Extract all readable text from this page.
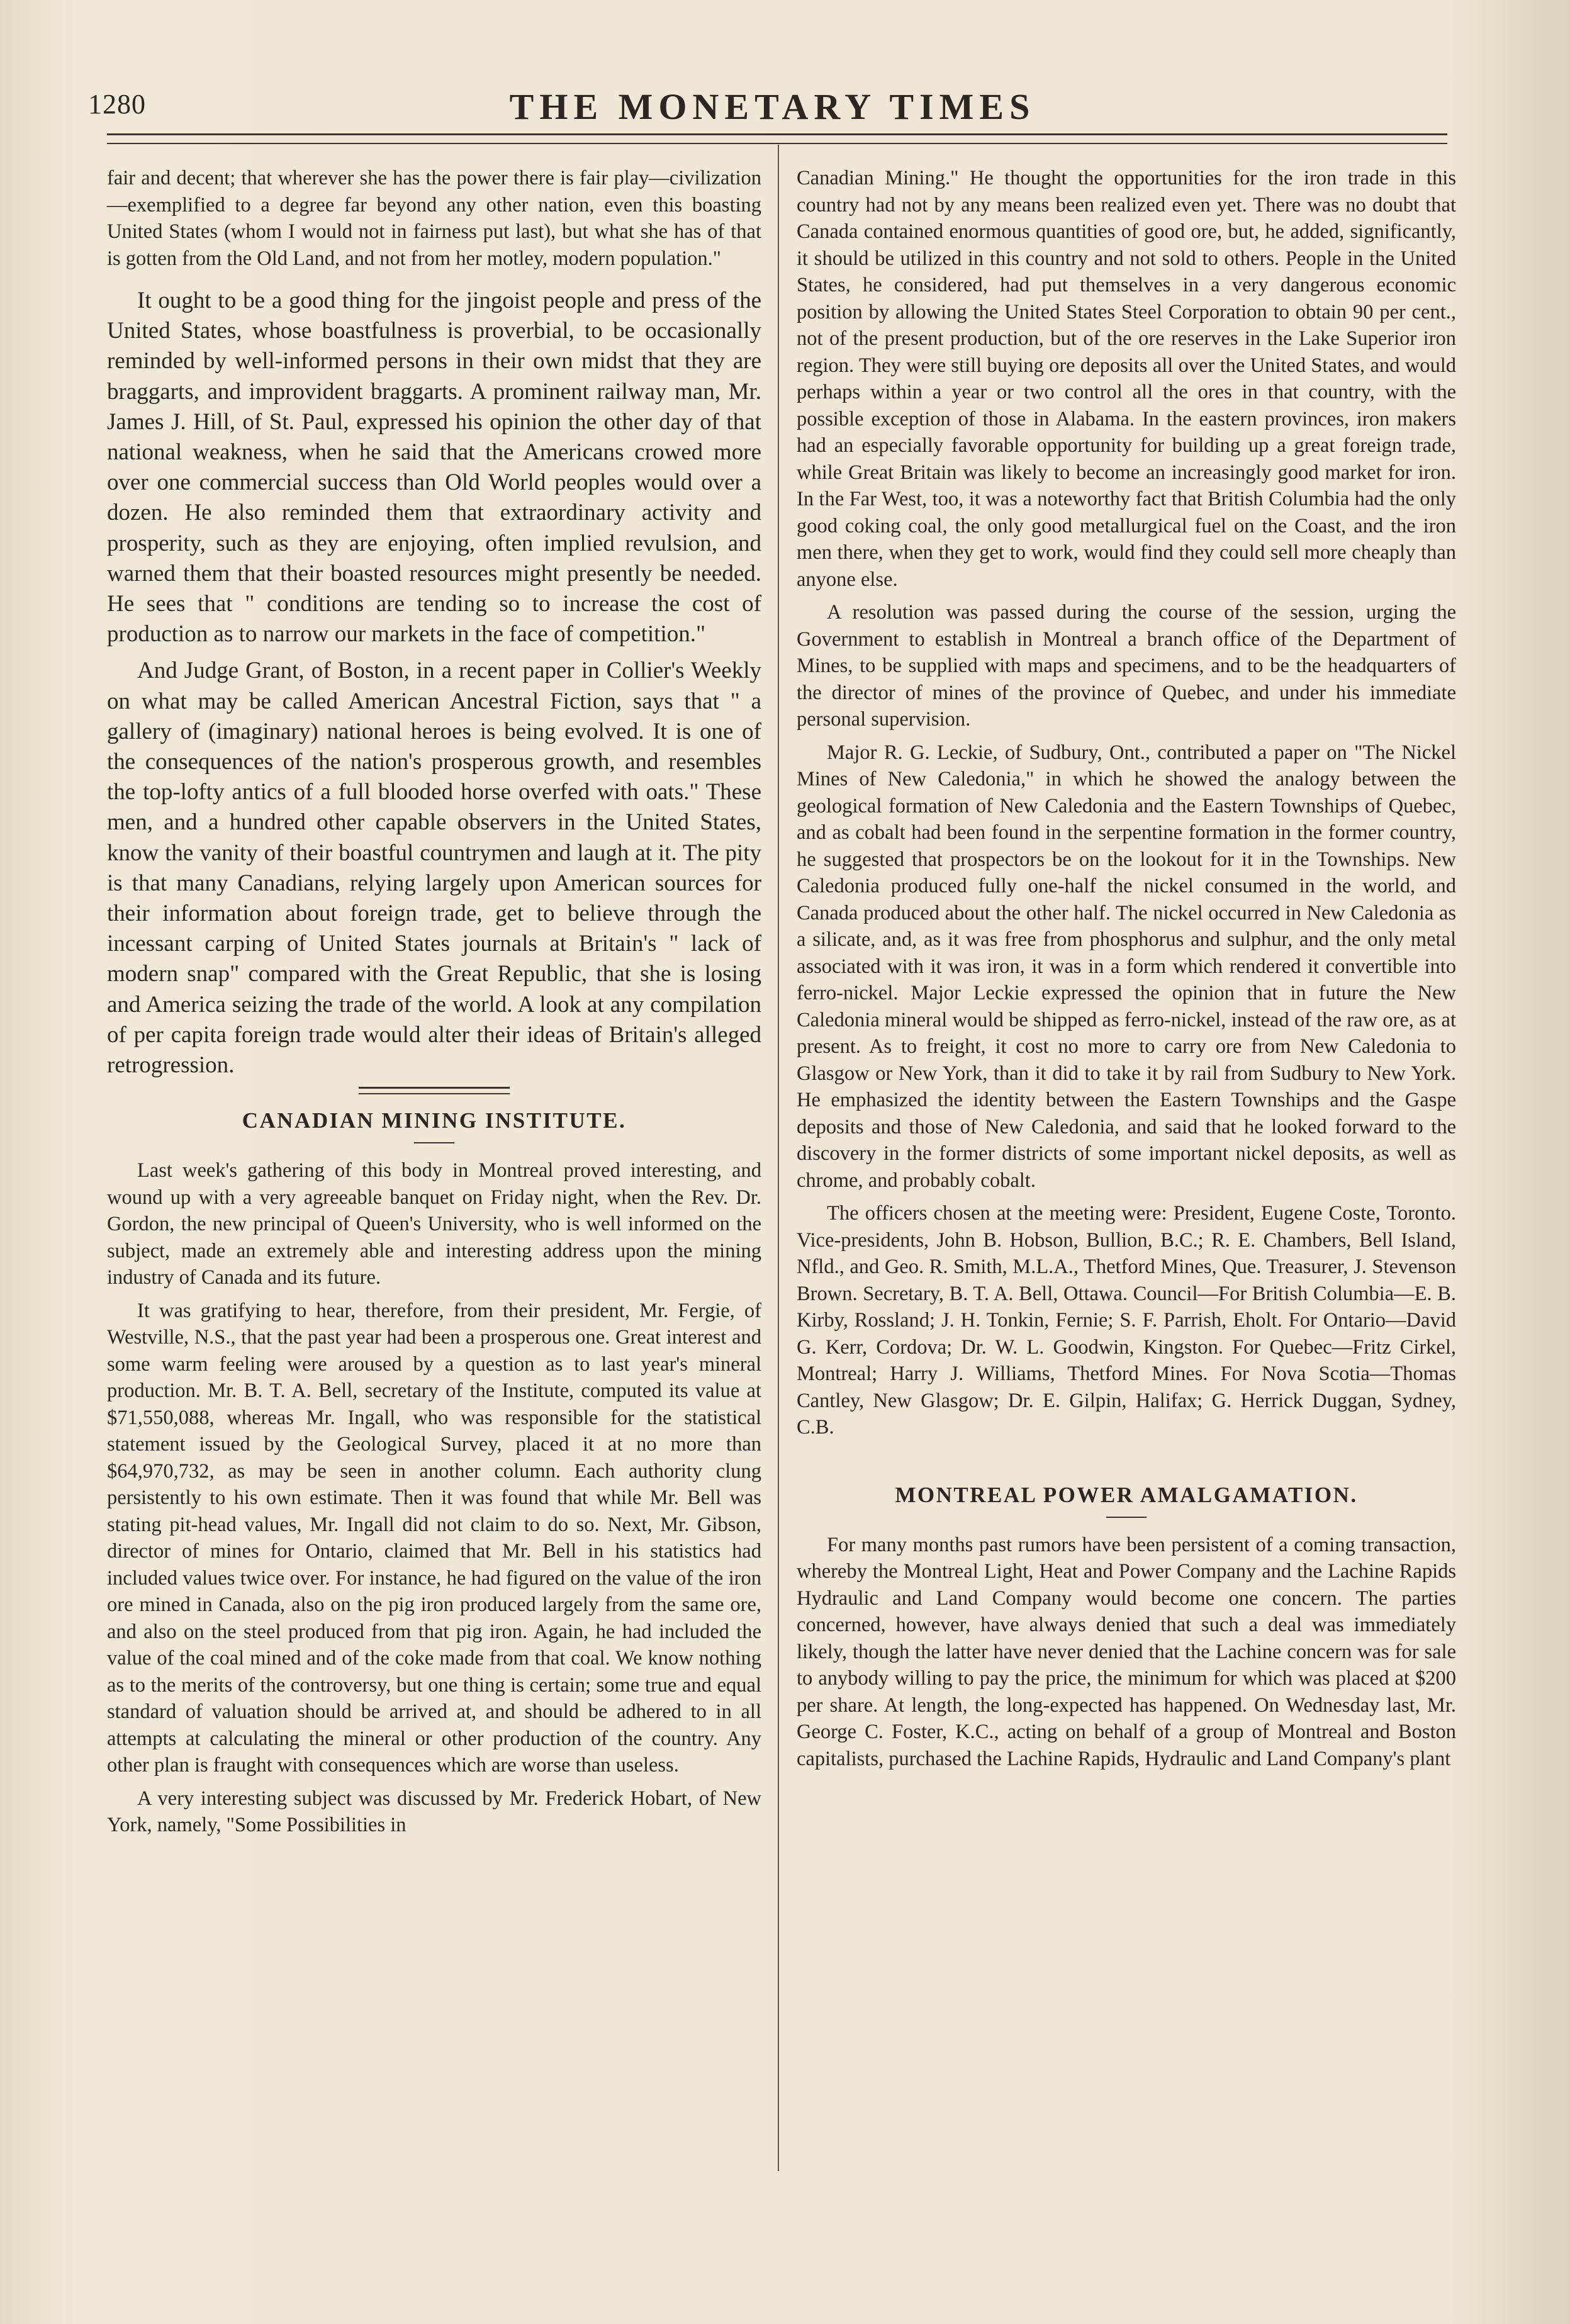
1280	THE MONETARY TIMES

fair and decent; that wherever she has the power there is fair play—civilization—exemplified to a degree far beyond any other nation, even this boasting United States (whom I would not in fairness put last), but what she has of that is gotten from the Old Land, and not from her motley, modern population."

It ought to be a good thing for the jingoist people and press of the United States, whose boastfulness is proverbial, to be occasionally reminded by well-informed persons in their own midst that they are braggarts, and improvident braggarts. A prominent railway man, Mr. James J. Hill, of St. Paul, expressed his opinion the other day of that national weakness, when he said that the Americans crowed more over one commercial success than Old World peoples would over a dozen. He also reminded them that extraordinary activity and prosperity, such as they are enjoying, often implied revulsion, and warned them that their boasted resources might presently be needed. He sees that " conditions are tending so to increase the cost of production as to narrow our markets in the face of competition."

And Judge Grant, of Boston, in a recent paper in Collier's Weekly on what may be called American Ancestral Fiction, says that " a gallery of (imaginary) national heroes is being evolved. It is one of the consequences of the nation's prosperous growth, and resembles the top-lofty antics of a full blooded horse overfed with oats." These men, and a hundred other capable observers in the United States, know the vanity of their boastful countrymen and laugh at it. The pity is that many Canadians, relying largely upon American sources for their information about foreign trade, get to believe through the incessant carping of United States journals at Britain's " lack of modern snap" compared with the Great Republic, that she is losing and America seizing the trade of the world. A look at any compilation of per capita foreign trade would alter their ideas of Britain's alleged retrogression.

CANADIAN MINING INSTITUTE.

Last week's gathering of this body in Montreal proved interesting, and wound up with a very agreeable banquet on Friday night, when the Rev. Dr. Gordon, the new principal of Queen's University, who is well informed on the subject, made an extremely able and interesting address upon the mining industry of Canada and its future.

It was gratifying to hear, therefore, from their president, Mr. Fergie, of Westville, N.S., that the past year had been a prosperous one. Great interest and some warm feeling were aroused by a question as to last year's mineral production. Mr. B. T. A. Bell, secretary of the Institute, computed its value at $71,550,088, whereas Mr. Ingall, who was responsible for the statistical statement issued by the Geological Survey, placed it at no more than $64,970,732, as may be seen in another column. Each authority clung persistently to his own estimate. Then it was found that while Mr. Bell was stating pit-head values, Mr. Ingall did not claim to do so. Next, Mr. Gibson, director of mines for Ontario, claimed that Mr. Bell in his statistics had included values twice over. For instance, he had figured on the value of the iron ore mined in Canada, also on the pig iron produced largely from the same ore, and also on the steel produced from that pig iron. Again, he had included the value of the coal mined and of the coke made from that coal. We know nothing as to the merits of the controversy, but one thing is certain; some true and equal standard of valuation should be arrived at, and should be adhered to in all attempts at calculating the mineral or other production of the country. Any other plan is fraught with consequences which are worse than useless.

A very interesting subject was discussed by Mr. Frederick Hobart, of New York, namely, "Some Possibilities in

Canadian Mining." He thought the opportunities for the iron trade in this country had not by any means been realized even yet. There was no doubt that Canada contained enormous quantities of good ore, but, he added, significantly, it should be utilized in this country and not sold to others. People in the United States, he considered, had put themselves in a very dangerous economic position by allowing the United States Steel Corporation to obtain 90 per cent., not of the present production, but of the ore reserves in the Lake Superior iron region. They were still buying ore deposits all over the United States, and would perhaps within a year or two control all the ores in that country, with the possible exception of those in Alabama. In the eastern provinces, iron makers had an especially favorable opportunity for building up a great foreign trade, while Great Britain was likely to become an increasingly good market for iron. In the Far West, too, it was a noteworthy fact that British Columbia had the only good coking coal, the only good metallurgical fuel on the Coast, and the iron men there, when they get to work, would find they could sell more cheaply than anyone else.

A resolution was passed during the course of the session, urging the Government to establish in Montreal a branch office of the Department of Mines, to be supplied with maps and specimens, and to be the headquarters of the director of mines of the province of Quebec, and under his immediate personal supervision.

Major R. G. Leckie, of Sudbury, Ont., contributed a paper on "The Nickel Mines of New Caledonia," in which he showed the analogy between the geological formation of New Caledonia and the Eastern Townships of Quebec, and as cobalt had been found in the serpentine formation in the former country, he suggested that prospectors be on the lookout for it in the Townships. New Caledonia produced fully one-half the nickel consumed in the world, and Canada produced about the other half. The nickel occurred in New Caledonia as a silicate, and, as it was free from phosphorus and sulphur, and the only metal associated with it was iron, it was in a form which rendered it convertible into ferro-nickel. Major Leckie expressed the opinion that in future the New Caledonia mineral would be shipped as ferro-nickel, instead of the raw ore, as at present. As to freight, it cost no more to carry ore from New Caledonia to Glasgow or New York, than it did to take it by rail from Sudbury to New York. He emphasized the identity between the Eastern Townships and the Gaspe deposits and those of New Caledonia, and said that he looked forward to the discovery in the former districts of some important nickel deposits, as well as chrome, and probably cobalt.

The officers chosen at the meeting were: President, Eugene Coste, Toronto. Vice-presidents, John B. Hobson, Bullion, B.C.; R. E. Chambers, Bell Island, Nfld., and Geo. R. Smith, M.L.A., Thetford Mines, Que. Treasurer, J. Stevenson Brown. Secretary, B. T. A. Bell, Ottawa. Council—For British Columbia—E. B. Kirby, Rossland; J. H. Tonkin, Fernie; S. F. Parrish, Eholt. For Ontario—David G. Kerr, Cordova; Dr. W. L. Goodwin, Kingston. For Quebec—Fritz Cirkel, Montreal; Harry J. Williams, Thetford Mines. For Nova Scotia—Thomas Cantley, New Glasgow; Dr. E. Gilpin, Halifax; G. Herrick Duggan, Sydney, C.B.

MONTREAL POWER AMALGAMATION.

For many months past rumors have been persistent of a coming transaction, whereby the Montreal Light, Heat and Power Company and the Lachine Rapids Hydraulic and Land Company would become one concern. The parties concerned, however, have always denied that such a deal was immediately likely, though the latter have never denied that the Lachine concern was for sale to anybody willing to pay the price, the minimum for which was placed at $200 per share. At length, the long-expected has happened. On Wednesday last, Mr. George C. Foster, K.C., acting on behalf of a group of Montreal and Boston capitalists, purchased the Lachine Rapids, Hydraulic and Land Company's plant
